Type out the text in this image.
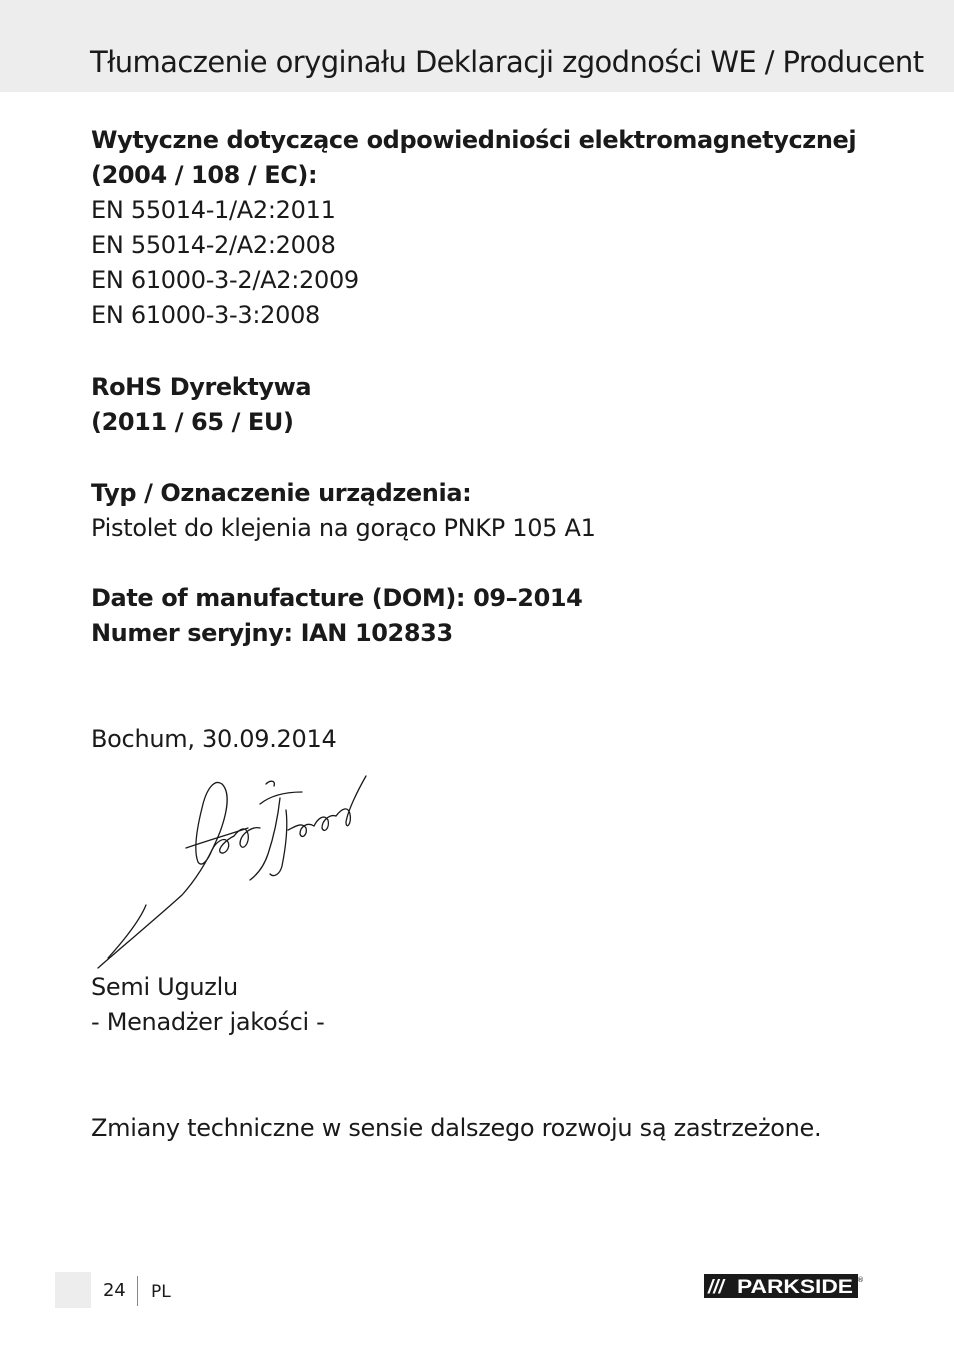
Tłumaczenie oryginału Deklaracji zgodności WE / Producent
Wytyczne dotyczące odpowiedniości elektromagnetycznej
(2004 / 108 / EC):
EN 55014-1/A2:2011
EN 55014-2/A2:2008
EN 61000-3-2/A2:2009
EN 61000-3-3:2008
RoHS Dyrektywa
(2011 / 65 / EU)
Typ / Oznaczenie urządzenia:
Pistolet do klejenia na gorąco PNKP 105 A1
Date of manufacture (DOM): 09–2014
Numer seryjny: IAN 102833
Bochum, 30.09.2014
Semi Uguzlu
- Menadżer jakości -
Zmiany techniczne w sensie dalszego rozwoju są zastrzeżone.
24 PL	/// PARKSIDE ®
